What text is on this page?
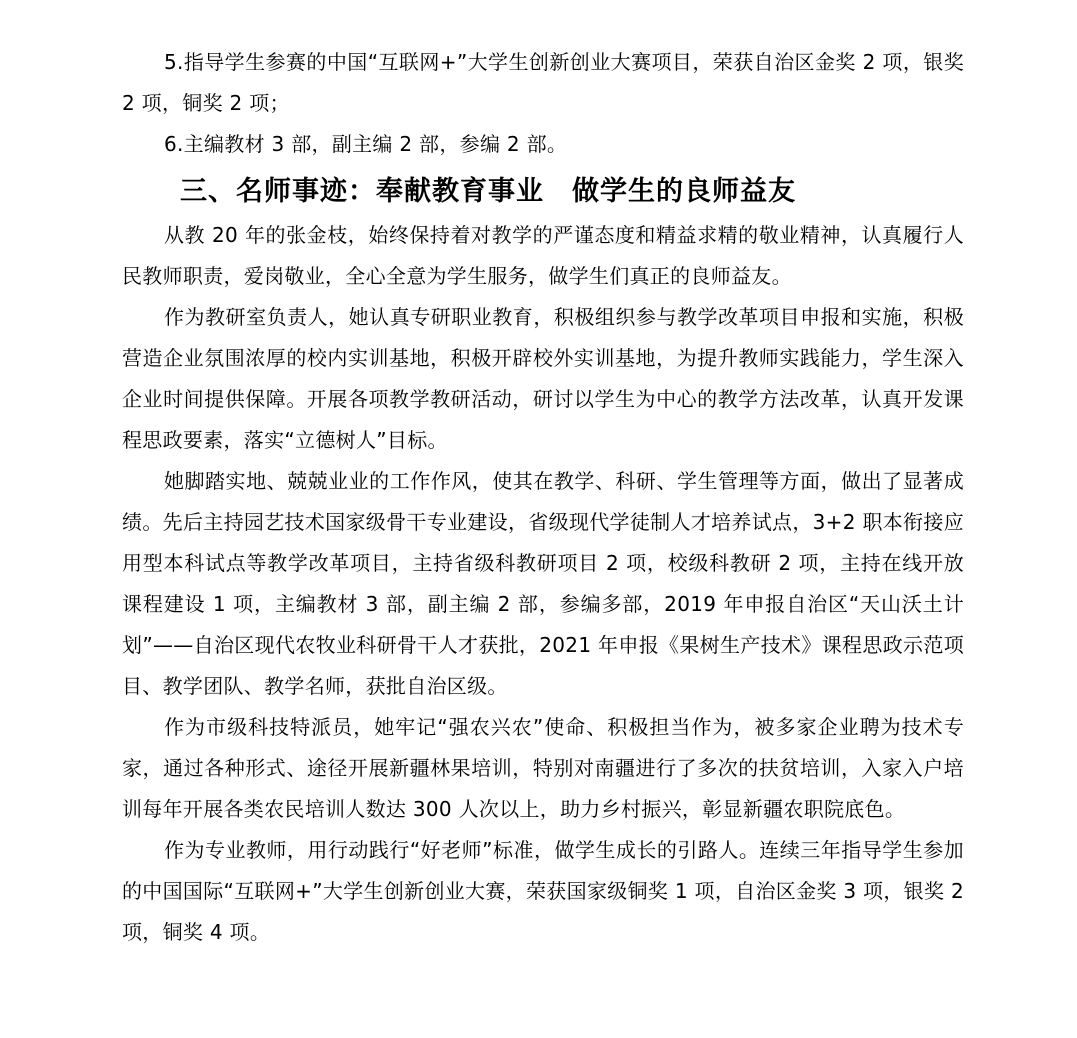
5.指导学生参赛的中国“互联网+”大学生创新创业大赛项目，荣获自治区金奖 2 项，银奖 2 项，铜奖 2 项；

6.主编教材 3 部，副主编 2 部，参编 2 部。

三、名师事迹：奉献教育事业 做学生的良师益友

从教 20 年的张金枝，始终保持着对教学的严谨态度和精益求精的敬业精神，认真履行人民教师职责，爱岗敬业，全心全意为学生服务，做学生们真正的良师益友。

作为教研室负责人，她认真专研职业教育，积极组织参与教学改革项目申报和实施，积极营造企业氛围浓厚的校内实训基地，积极开辟校外实训基地，为提升教师实践能力，学生深入企业时间提供保障。开展各项教学教研活动，研讨以学生为中心的教学方法改革，认真开发课程思政要素，落实“立德树人”目标。

她脚踏实地、兢兢业业的工作作风，使其在教学、科研、学生管理等方面，做出了显著成绩。先后主持园艺技术国家级骨干专业建设，省级现代学徒制人才培养试点，3+2 职本衔接应用型本科试点等教学改革项目，主持省级科教研项目 2 项，校级科教研 2 项，主持在线开放课程建设 1 项，主编教材 3 部，副主编 2 部，参编多部，2019 年申报自治区“天山沃土计划”——自治区现代农牧业科研骨干人才获批，2021 年申报《果树生产技术》课程思政示范项目、教学团队、教学名师，获批自治区级。

作为市级科技特派员，她牢记“强农兴农”使命、积极担当作为，被多家企业聘为技术专家，通过各种形式、途径开展新疆林果培训，特别对南疆进行了多次的扶贫培训，入家入户培训每年开展各类农民培训人数达 300 人次以上，助力乡村振兴，彰显新疆农职院底色。

作为专业教师，用行动践行“好老师”标准，做学生成长的引路人。连续三年指导学生参加的中国国际“互联网+”大学生创新创业大赛，荣获国家级铜奖 1 项，自治区金奖 3 项，银奖 2 项，铜奖 4 项。
